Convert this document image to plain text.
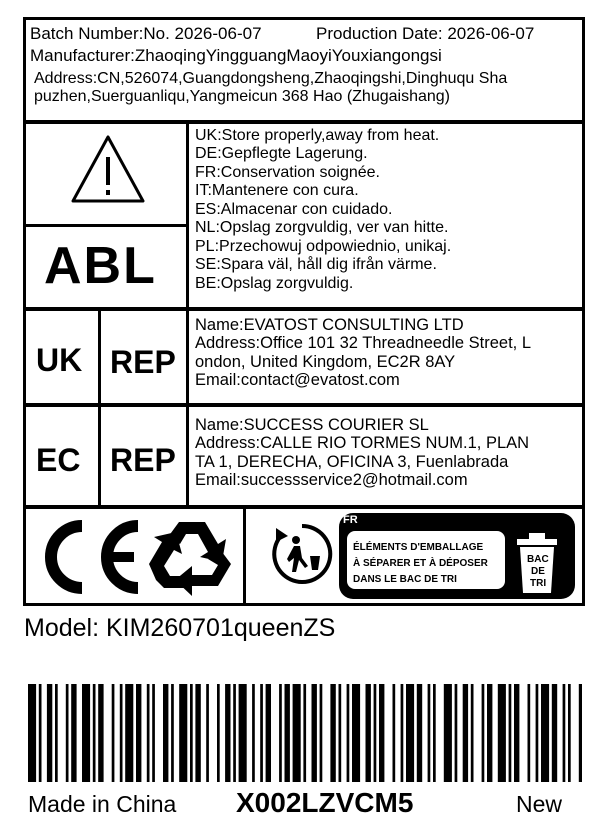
Batch Number:No. 2026-06-07	Production Date: 2026-06-07
Manufacturer:ZhaoqingYingguangMaoyiYouxiangongsi
Address:CN,526074,Guangdongsheng,Zhaoqingshi,Dinghuqu Sha
puzhen,Suerguanliqu,Yangmeicun 368 Hao (Zhugaishang)
ABL
UK:Store properly,away from heat.
DE:Gepflegte Lagerung.
FR:Conservation soignée.
IT:Mantenere con cura.
ES:Almacenar con cuidado.
NL:Opslag zorgvuldig, ver van hitte.
PL:Przechowuj odpowiednio, unikaj.
SE:Spara väl, håll dig ifrån värme.
BE:Opslag zorgvuldig.
UK REP
Name:EVATOST CONSULTING LTD
Address:Office 101 32 Threadneedle Street, L
ondon, United Kingdom, EC2R 8AY
Email:contact@evatost.com
EC REP
Name:SUCCESS COURIER SL
Address:CALLE RIO TORMES NUM.1, PLAN
TA 1, DERECHA, OFICINA 3, Fuenlabrada
Email:successservice2@hotmail.com
FR
ÉLÉMENTS D'EMBALLAGE
À SÉPARER ET À DÉPOSER
DANS LE BAC DE TRI
BAC
DE
TRI
Model: KIM260701queenZS
Made in China X002LZVCM5	New
